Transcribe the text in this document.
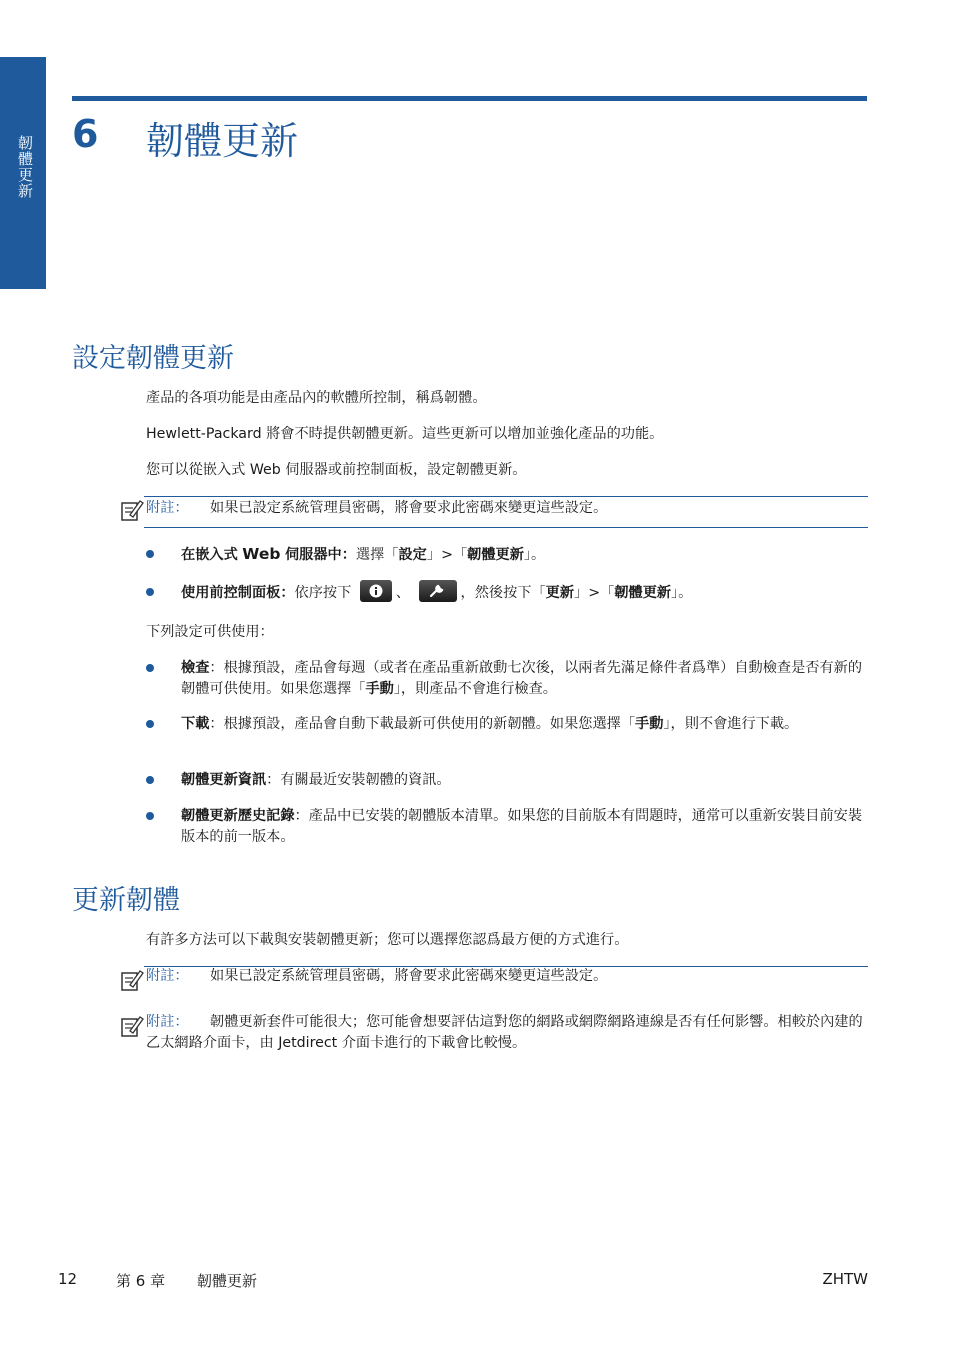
韌體更新
6 韌體更新
設定韌體更新
產品的各項功能是由產品內的軟體所控制，稱爲韌體。
Hewlett-Packard 將會不時提供韌體更新。這些更新可以增加並強化產品的功能。
您可以從嵌入式 Web 伺服器或前控制面板，設定韌體更新。
附註：	如果已設定系統管理員密碼，將會要求此密碼來變更這些設定。
在嵌入式 Web 伺服器中：選擇「設定」>「韌體更新」。
使用前控制面板：依序按下	、	，然後按下「更新」>「韌體更新」。
下列設定可供使用：
檢查：根據預設，產品會每週（或者在產品重新啟動七次後，以兩者先滿足條件者爲準）自動檢查是否有新的韌體可供使用。如果您選擇「手動」，則產品不會進行檢查。
下載：根據預設，產品會自動下載最新可供使用的新韌體。如果您選擇「手動」，則不會進行下載。
韌體更新資訊：有關最近安裝韌體的資訊。
韌體更新歷史記錄：產品中已安裝的韌體版本清單。如果您的目前版本有問題時，通常可以重新安裝目前安裝版本的前一版本。
更新韌體
有許多方法可以下載與安裝韌體更新；您可以選擇您認爲最方便的方式進行。
附註：	如果已設定系統管理員密碼，將會要求此密碼來變更這些設定。
附註：	韌體更新套件可能很大；您可能會想要評估這對您的網路或網際網路連線是否有任何影響。相較於內建的乙太網路介面卡，由 Jetdirect 介面卡進行的下載會比較慢。
12	第 6 章 韌體更新	ZHTW
